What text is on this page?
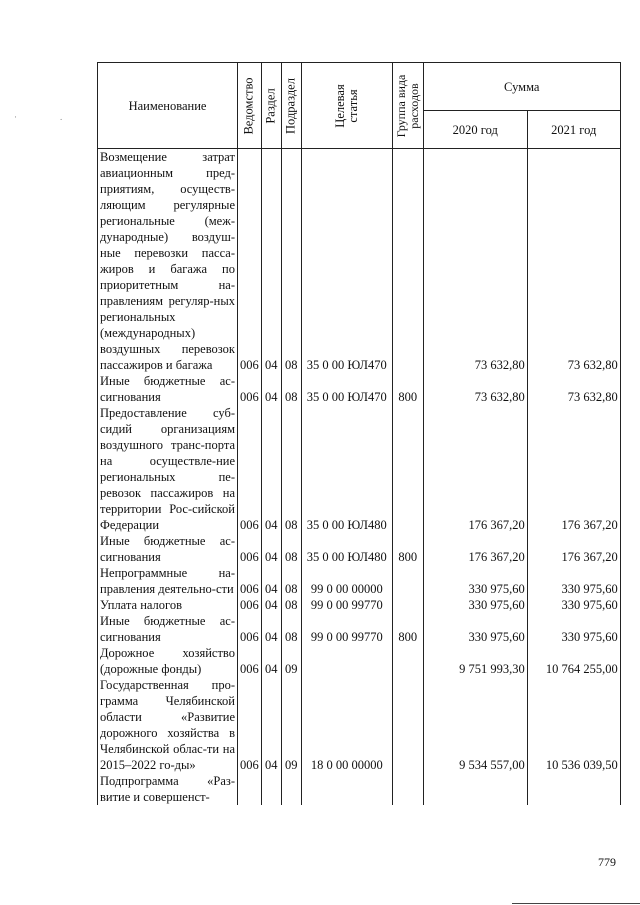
Наименование	Ведомство	Раздел	Подраздел	Целевая статья	Группа вида расходов	Сумма	
						2020 год	2021 год
Возмещение затрат авиационным пред-приятиям, осуществ-ляющим регулярные региональные (меж-дународные) воздуш-ные перевозки пасса-жиров и багажа по приоритетным на-правлениям регуляр-ных региональных (международных) воздушных перевозок пассажиров и багажа	006	04	08	35 0 00 ЮЛ470		73 632,80	73 632,80
Иные бюджетные ас-сигнования	006	04	08	35 0 00 ЮЛ470	800	73 632,80	73 632,80
Предоставление суб-сидий организациям воздушного транс-порта на осуществле-ние региональных пе-ревозок пассажиров на территории Рос-сийской Федерации	006	04	08	35 0 00 ЮЛ480		176 367,20	176 367,20
Иные бюджетные ас-сигнования	006	04	08	35 0 00 ЮЛ480	800	176 367,20	176 367,20
Непрограммные на-правления деятельно-сти	006	04	08	99 0 00 00000		330 975,60	330 975,60
Уплата налогов	006	04	08	99 0 00 99770		330 975,60	330 975,60
Иные бюджетные ас-сигнования	006	04	08	99 0 00 99770	800	330 975,60	330 975,60
Дорожное хозяйство (дорожные фонды)	006	04	09			9 751 993,30	10 764 255,00
Государственная про-грамма Челябинской области «Развитие дорожного хозяйства в Челябинской облас-ти на 2015–2022 го-ды»	006	04	09	18 0 00 00000		9 534 557,00	10 536 039,50
Подпрограмма «Раз-витие и совершенст-							
779
·	.
